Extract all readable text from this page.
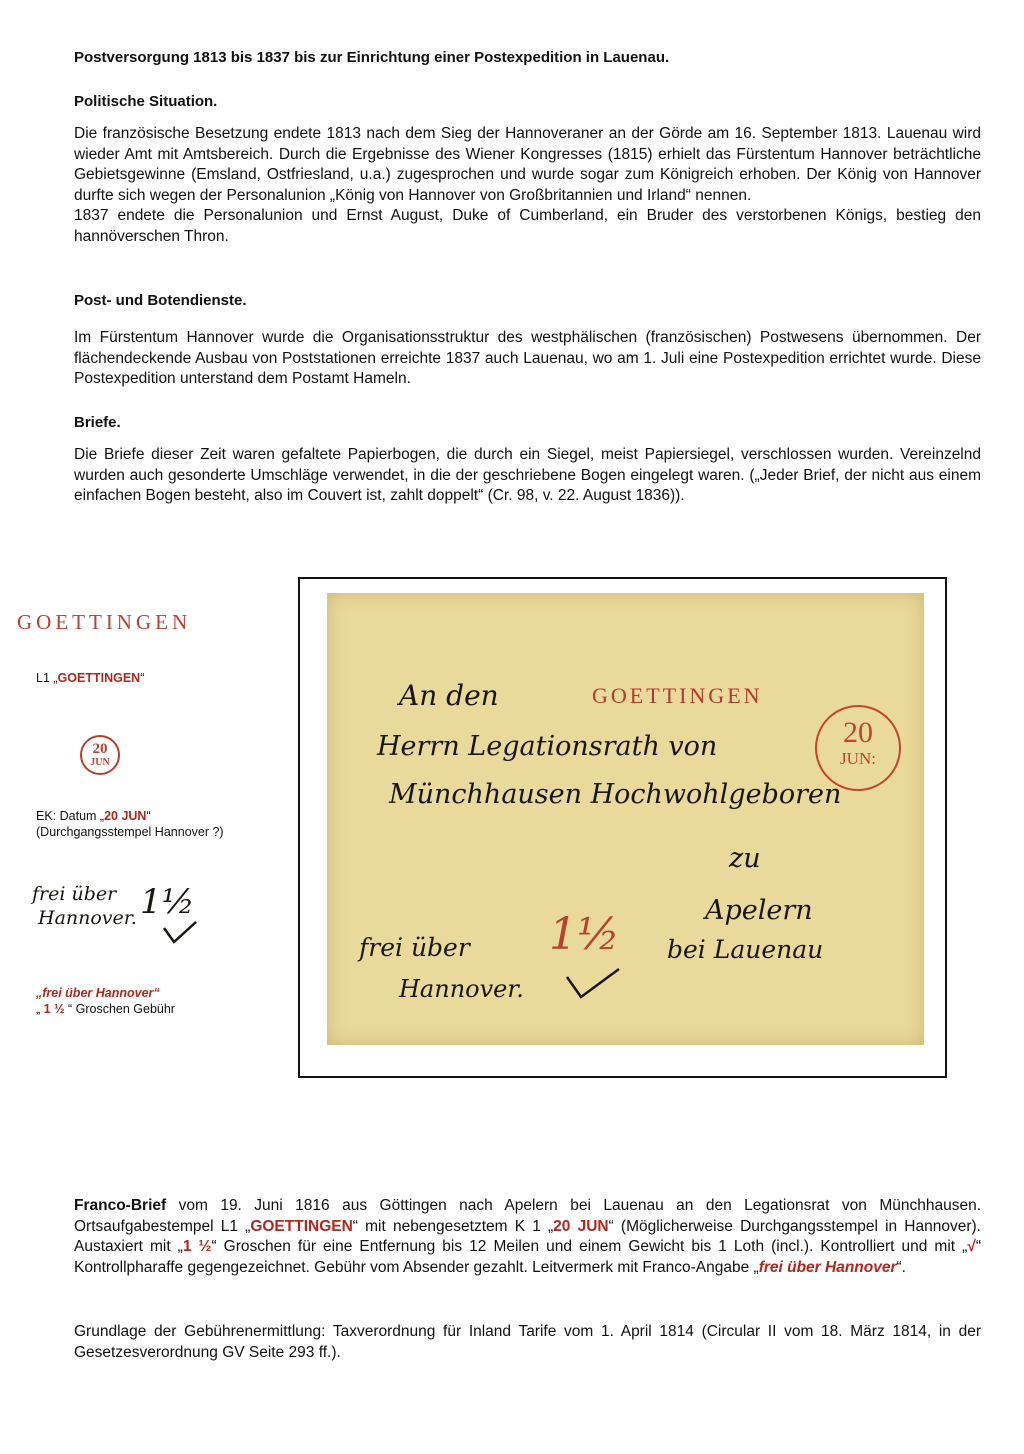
Postversorgung 1813 bis 1837 bis zur Einrichtung einer Postexpedition in Lauenau.
Politische Situation.
Die französische Besetzung endete 1813 nach dem Sieg der Hannoveraner an der Görde am 16. September 1813. Lauenau wird wieder Amt mit Amtsbereich. Durch die Ergebnisse des Wiener Kongresses (1815) erhielt das Fürstentum Hannover beträchtliche Gebietsgewinne (Emsland, Ostfriesland, u.a.) zugesprochen und wurde sogar zum Königreich erhoben. Der König von Hannover durfte sich wegen der Personalunion „König von Hannover von Großbritannien und Irland“ nennen.
1837 endete die Personalunion und Ernst August, Duke of Cumberland, ein Bruder des verstorbenen Königs, bestieg den hannöverschen Thron.
Post- und Botendienste.
Im Fürstentum Hannover wurde die Organisationsstruktur des westphälischen (französischen) Postwesens übernommen. Der flächendeckende Ausbau von Poststationen erreichte 1837 auch Lauenau, wo am 1. Juli eine Postexpedition errichtet wurde. Diese Postexpedition unterstand dem Postamt Hameln.
Briefe.
Die Briefe dieser Zeit waren gefaltete Papierbogen, die durch ein Siegel, meist Papiersiegel, verschlossen wurden. Vereinzelnd wurden auch gesonderte Umschläge verwendet, in die der geschriebene Bogen eingelegt waren. („Jeder Brief, der nicht aus einem einfachen Bogen besteht, also im Couvert ist, zahlt doppelt“ (Cr. 98, v. 22. August 1836)).
GOETTINGEN
L1 „GOETTINGEN“
20
JUN
EK: Datum „20 JUN“
(Durchgangsstempel Hannover ?)
frei über
Hannover. 1½
„frei über Hannover“
„ 1 ½ “ Groschen Gebühr
An den	GOETTINGEN
20
JUN:
Herrn Legationsrath von
Münchhausen Hochwohlgeboren
zu
Apelern
frei über 1½ bei Lauenau
Hannover.
Franco-Brief vom 19. Juni 1816 aus Göttingen nach Apelern bei Lauenau an den Legationsrat von Münchhausen. Ortsaufgabestempel L1 „GOETTINGEN“ mit nebengesetztem K 1 „20 JUN“ (Möglicherweise Durchgangsstempel in Hannover). Austaxiert mit „1 ½“ Groschen für eine Entfernung bis 12 Meilen und einem Gewicht bis 1 Loth (incl.). Kontrolliert und mit „√“ Kontrollpharaffe gegengezeichnet. Gebühr vom Absender gezahlt. Leitvermerk mit Franco-Angabe „frei über Hannover“.
Grundlage der Gebührenermittlung: Taxverordnung für Inland Tarife vom 1. April 1814 (Circular II vom 18. März 1814, in der Gesetzesverordnung GV Seite 293 ff.).
